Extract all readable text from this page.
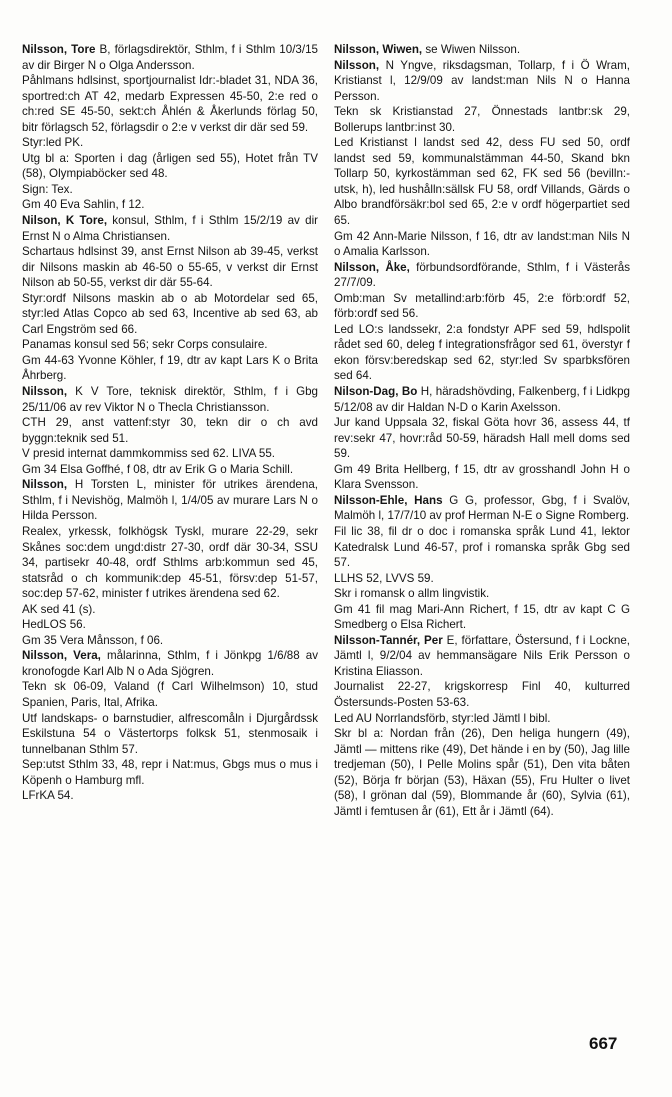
Nilsson, Tore B, förlagsdirektör, Sthlm, f i Sthlm 10/3/15 av dir Birger N o Olga Andersson.

Påhlmans hdlsinst, sportjournalist Idr:-bladet 31, NDA 36, sportred:ch AT 42, medarb Expressen 45-50, 2:e red o ch:red SE 45-50, sekt:ch Åhlén & Åkerlunds förlag 50, bitr förlagsch 52, förlagsdir o 2:e v verkst dir där sed 59.

Styr:led PK.

Utg bl a: Sporten i dag (årligen sed 55), Hotet från TV (58), Olympiaböcker sed 48.

Sign: Tex.

Gm 40 Eva Sahlin, f 12.

Nilson, K Tore, konsul, Sthlm, f i Sthlm 15/2/19 av dir Ernst N o Alma Christiansen.

Schartaus hdlsinst 39, anst Ernst Nilson ab 39-45, verkst dir Nilsons maskin ab 46-50 o 55-65, v verkst dir Ernst Nilson ab 50-55, verkst dir där 55-64.

Styr:ordf Nilsons maskin ab o ab Motordelar sed 65, styr:led Atlas Copco ab sed 63, Incentive ab sed 63, ab Carl Engström sed 66.

Panamas konsul sed 56; sekr Corps consulaire.

Gm 44-63 Yvonne Köhler, f 19, dtr av kapt Lars K o Brita Åhrberg.

Nilsson, K V Tore, teknisk direktör, Sthlm, f i Gbg 25/11/06 av rev Viktor N o Thecla Christiansson.

CTH 29, anst vattenf:styr 30, tekn dir o ch avd byggn:teknik sed 51.

V presid internat dammkommiss sed 62. LIVA 55.

Gm 34 Elsa Goffhé, f 08, dtr av Erik G o Maria Schill.

Nilsson, H Torsten L, minister för utrikes ärendena, Sthlm, f i Nevishög, Malmöh l, 1/4/05 av murare Lars N o Hilda Persson.

Realex, yrkessk, folkhögsk Tyskl, murare 22-29, sekr Skånes soc:dem ungd:distr 27-30, ordf där 30-34, SSU 34, partisekr 40-48, ordf Sthlms arb:kommun sed 45, statsråd o ch kommunik:dep 45-51, försv:dep 51-57, soc:dep 57-62, minister f utrikes ärendena sed 62.

AK sed 41 (s).

HedLOS 56.

Gm 35 Vera Månsson, f 06.

Nilsson, Vera, målarinna, Sthlm, f i Jönkpg 1/6/88 av kronofogde Karl Alb N o Ada Sjögren.

Tekn sk 06-09, Valand (f Carl Wilhelmson) 10, stud Spanien, Paris, Ital, Afrika.

Utf landskaps- o barnstudier, alfrescomåln i Djurgårdssk Eskilstuna 54 o Västertorps folksk 51, stenmosaik i tunnelbanan Sthlm 57.

Sep:utst Sthlm 33, 48, repr i Nat:mus, Gbgs mus o mus i Köpenh o Hamburg mfl.

LFrKA 54.

Nilsson, Wiwen, se Wiwen Nilsson.

Nilsson, N Yngve, riksdagsman, Tollarp, f i Ö Wram, Kristianst l, 12/9/09 av landst:man Nils N o Hanna Persson.

Tekn sk Kristianstad 27, Önnestads lantbr:sk 29, Bollerups lantbr:inst 30.

Led Kristianst l landst sed 42, dess FU sed 50, ordf landst sed 59, kommunalstämman 44-50, Skand bkn Tollarp 50, kyrkostämman sed 62, FK sed 56 (bevilln:-utsk, h), led hushålln:sällsk FU 58, ordf Villands, Gärds o Albo brandförsäkr:bol sed 65, 2:e v ordf högerpartiet sed 65.

Gm 42 Ann-Marie Nilsson, f 16, dtr av landst:man Nils N o Amalia Karlsson.

Nilsson, Åke, förbundsordförande, Sthlm, f i Västerås 27/7/09.

Omb:man Sv metallind:arb:förb 45, 2:e förb:ordf 52, förb:ordf sed 56.

Led LO:s landssekr, 2:a fondstyr APF sed 59, hdlspolit rådet sed 60, deleg f integrationsfrågor sed 61, överstyr f ekon försv:beredskap sed 62, styr:led Sv sparbksfören sed 64.

Nilson-Dag, Bo H, häradshövding, Falkenberg, f i Lidkpg 5/12/08 av dir Haldan N-D o Karin Axelsson.

Jur kand Uppsala 32, fiskal Göta hovr 36, assess 44, tf rev:sekr 47, hovr:råd 50-59, häradsh Hall mell doms sed 59.

Gm 49 Brita Hellberg, f 15, dtr av grosshandl John H o Klara Svensson.

Nilsson-Ehle, Hans G G, professor, Gbg, f i Svalöv, Malmöh l, 17/7/10 av prof Herman N-E o Signe Romberg.

Fil lic 38, fil dr o doc i romanska språk Lund 41, lektor Katedralsk Lund 46-57, prof i romanska språk Gbg sed 57.

LLHS 52, LVVS 59.

Skr i romansk o allm lingvistik.

Gm 41 fil mag Mari-Ann Richert, f 15, dtr av kapt C G Smedberg o Elsa Richert.

Nilsson-Tannér, Per E, författare, Östersund, f i Lockne, Jämtl l, 9/2/04 av hemmansägare Nils Erik Persson o Kristina Eliasson.

Journalist 22-27, krigskorresp Finl 40, kulturred Östersunds-Posten 53-63.

Led AU Norrlandsförb, styr:led Jämtl l bibl.

Skr bl a: Nordan från (26), Den heliga hungern (49), Jämtl — mittens rike (49), Det hände i en by (50), Jag lille tredjeman (50), I Pelle Molins spår (51), Den vita båten (52), Börja fr början (53), Häxan (55), Fru Hulter o livet (58), I grönan dal (59), Blommande år (60), Sylvia (61), Jämtl i femtusen år (61), Ett år i Jämtl (64).

667
